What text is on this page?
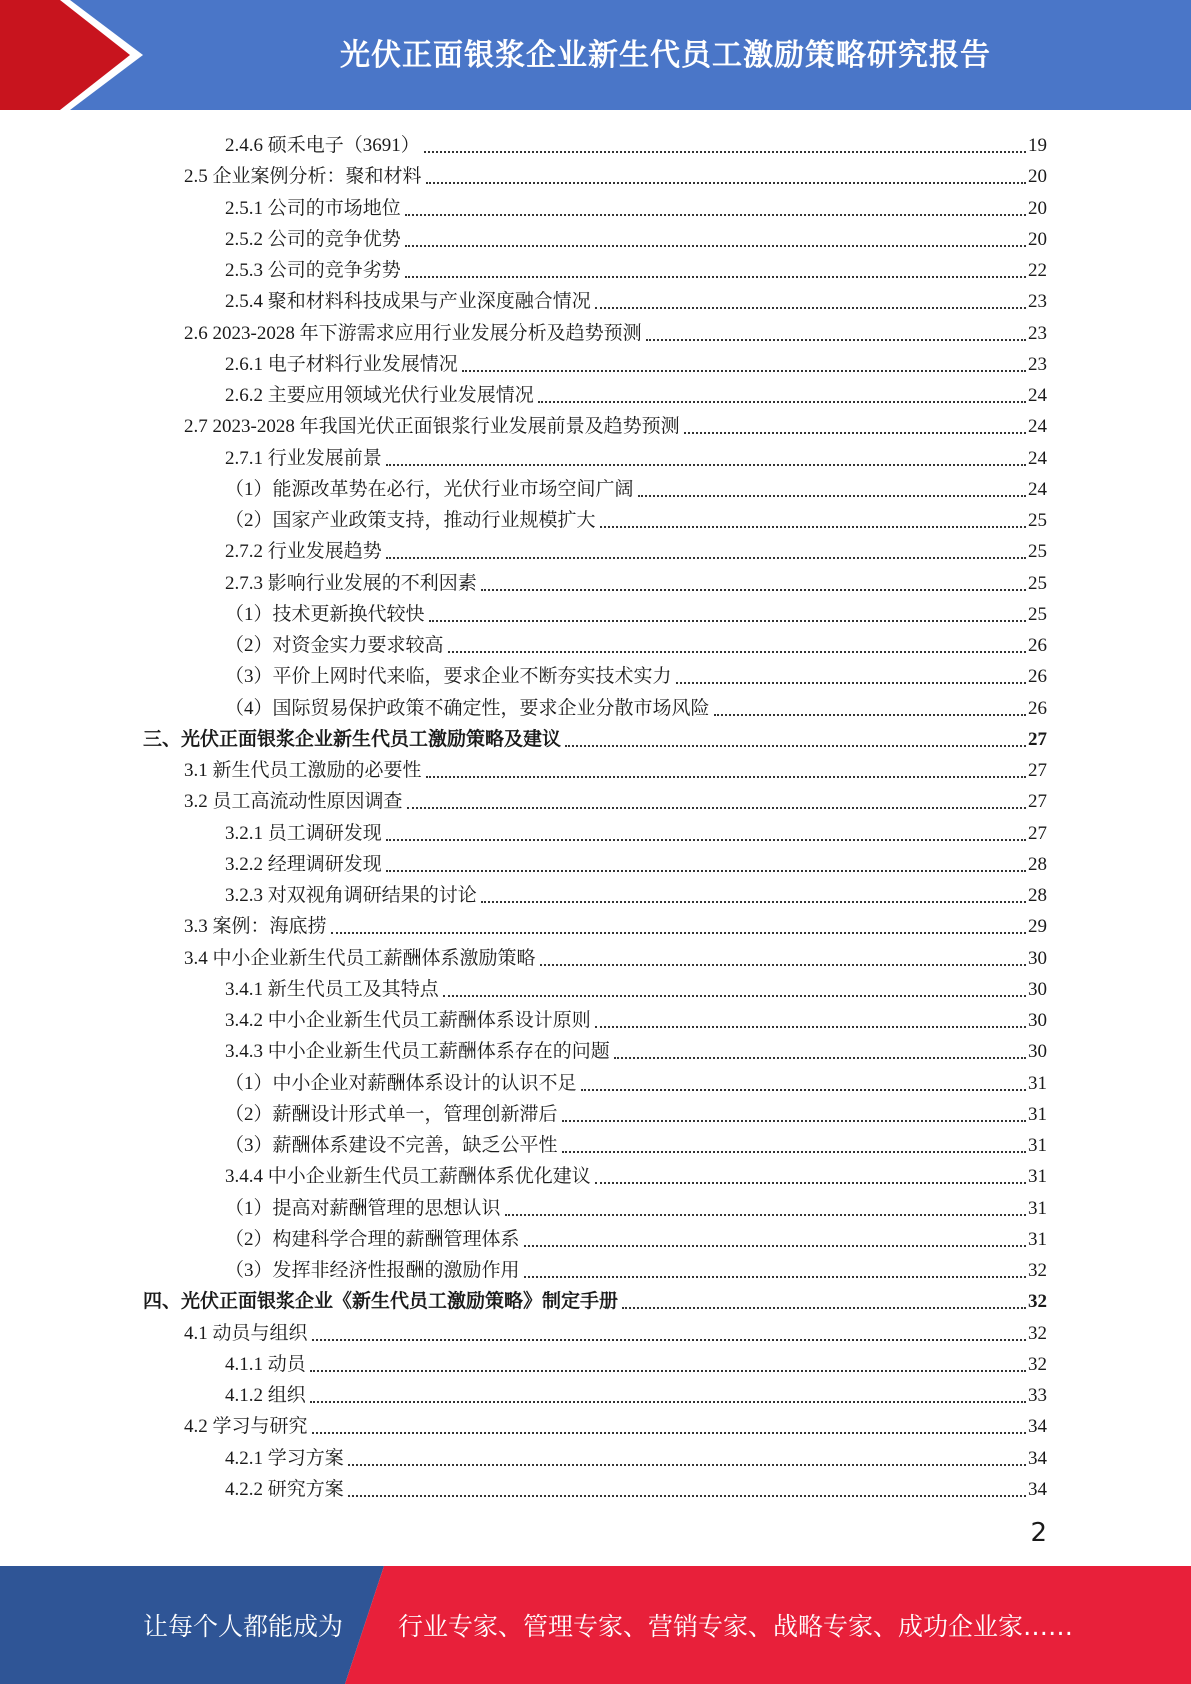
光伏正面银浆企业新生代员工激励策略研究报告
2.4.6 硕禾电子（3691）	19
2.5 企业案例分析：聚和材料	20
2.5.1 公司的市场地位	20
2.5.2 公司的竞争优势	20
2.5.3 公司的竞争劣势	22
2.5.4 聚和材料科技成果与产业深度融合情况	23
2.6 2023-2028 年下游需求应用行业发展分析及趋势预测	23
2.6.1 电子材料行业发展情况	23
2.6.2 主要应用领域光伏行业发展情况	24
2.7 2023-2028 年我国光伏正面银浆行业发展前景及趋势预测	24
2.7.1 行业发展前景	24
（1）能源改革势在必行，光伏行业市场空间广阔	24
（2）国家产业政策支持，推动行业规模扩大	25
2.7.2 行业发展趋势	25
2.7.3 影响行业发展的不利因素	25
（1）技术更新换代较快	25
（2）对资金实力要求较高	26
（3）平价上网时代来临，要求企业不断夯实技术实力	26
（4）国际贸易保护政策不确定性，要求企业分散市场风险	26
三、光伏正面银浆企业新生代员工激励策略及建议	27
3.1 新生代员工激励的必要性	27
3.2 员工高流动性原因调查	27
3.2.1 员工调研发现	27
3.2.2 经理调研发现	28
3.2.3 对双视角调研结果的讨论	28
3.3 案例：海底捞	29
3.4 中小企业新生代员工薪酬体系激励策略	30
3.4.1 新生代员工及其特点	30
3.4.2 中小企业新生代员工薪酬体系设计原则	30
3.4.3 中小企业新生代员工薪酬体系存在的问题	30
（1）中小企业对薪酬体系设计的认识不足	31
（2）薪酬设计形式单一，管理创新滞后	31
（3）薪酬体系建设不完善，缺乏公平性	31
3.4.4 中小企业新生代员工薪酬体系优化建议	31
（1）提高对薪酬管理的思想认识	31
（2）构建科学合理的薪酬管理体系	31
（3）发挥非经济性报酬的激励作用	32
四、光伏正面银浆企业《新生代员工激励策略》制定手册	32
4.1 动员与组织	32
4.1.1 动员	32
4.1.2 组织	33
4.2 学习与研究	34
4.2.1 学习方案	34
4.2.2 研究方案	34
2
让每个人都能成为 行业专家、管理专家、营销专家、战略专家、成功企业家……
